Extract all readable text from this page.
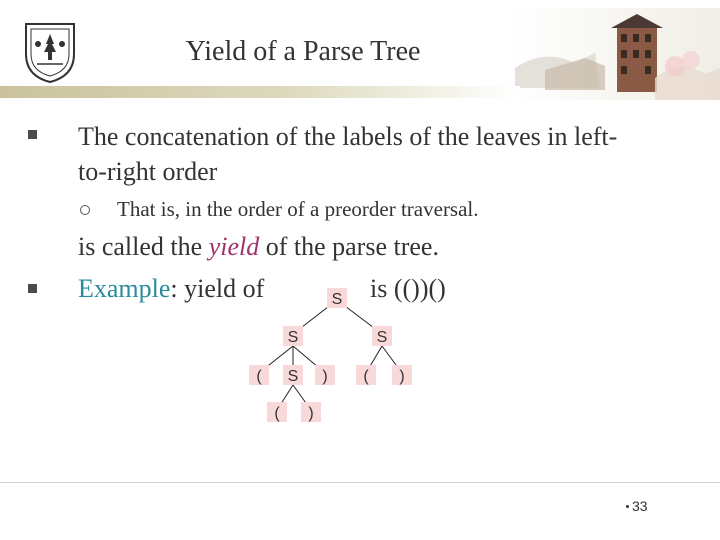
Yield of a Parse Tree
The concatenation of the labels of the leaves in left-
to-right order
That is, in the order of a preorder traversal.
is called the yield of the parse tree.
Example: yield of	is (())()
S
S	S
( S ) ( )
( )
33
